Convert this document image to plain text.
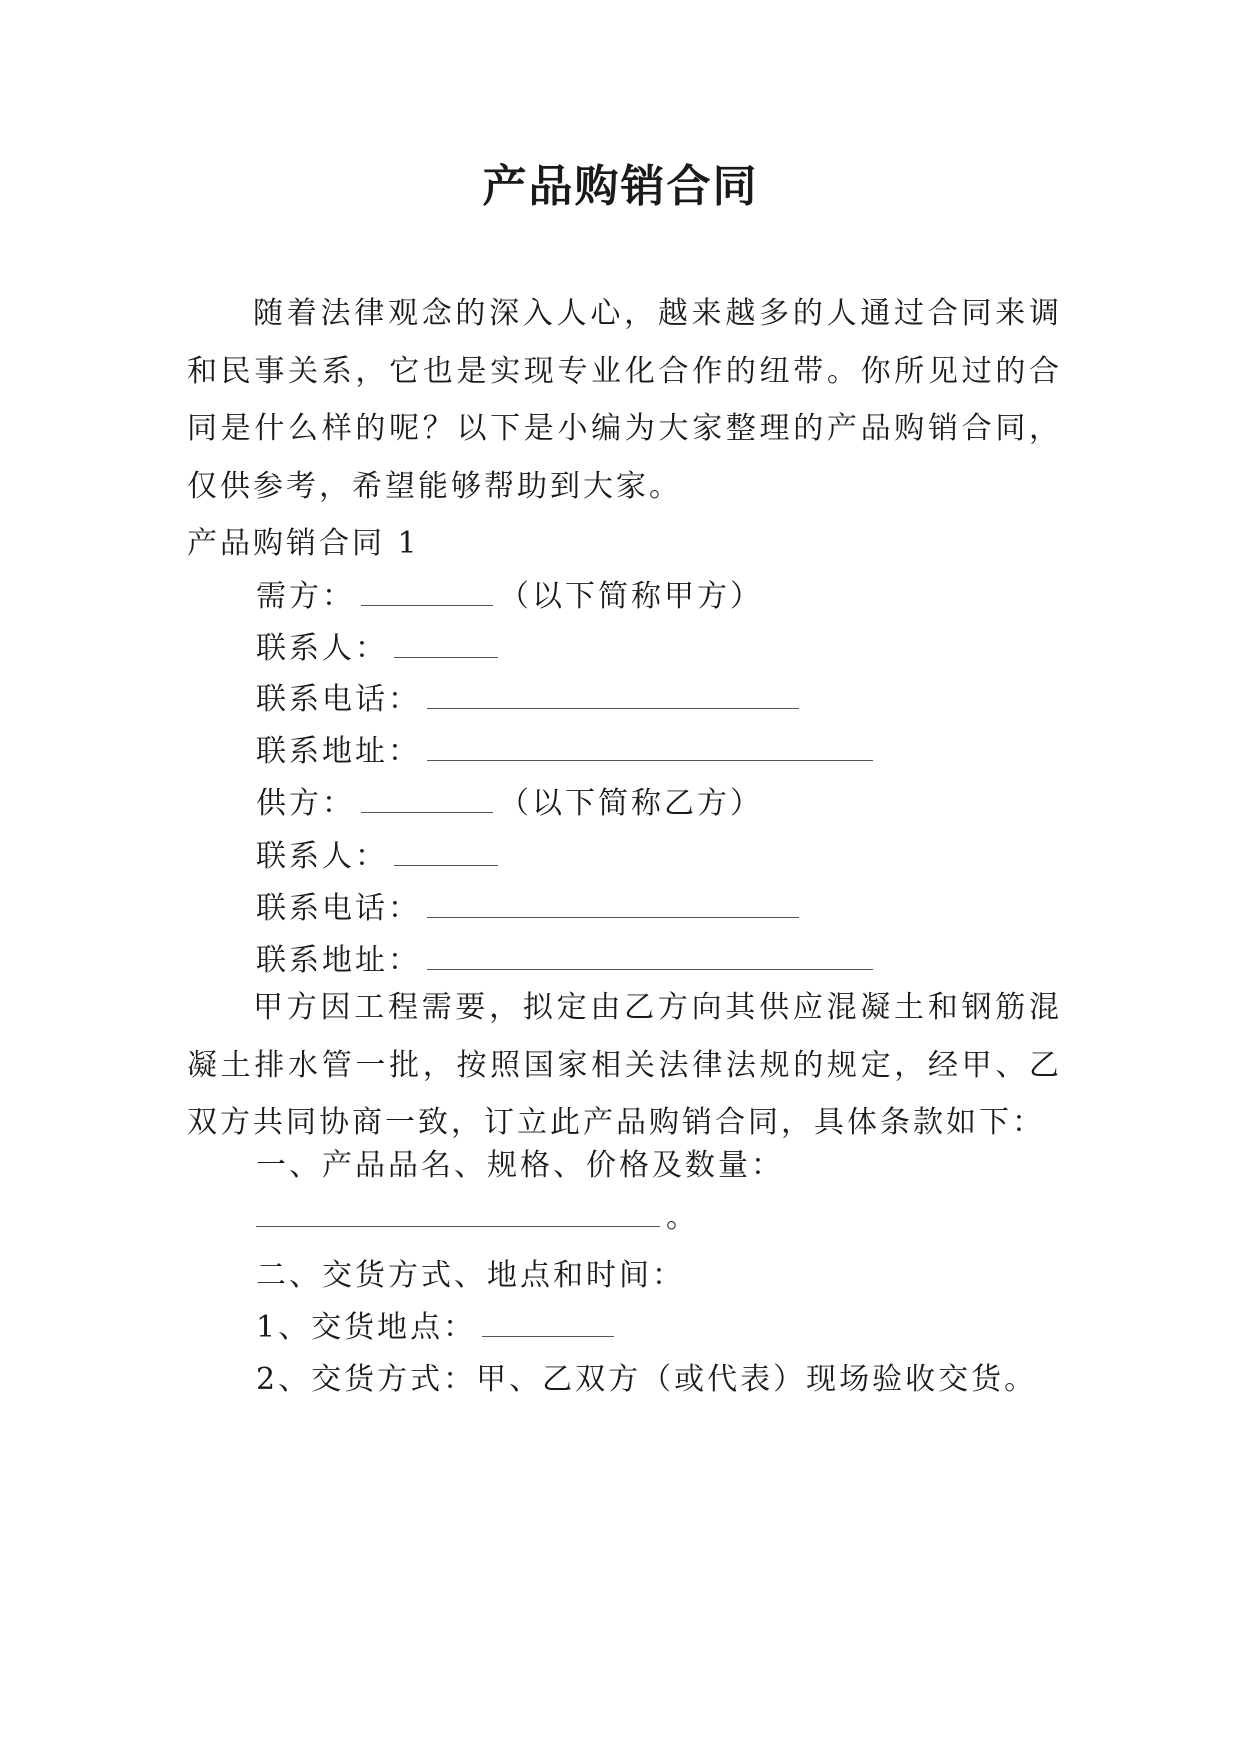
产品购销合同
随着法律观念的深入人心，越来越多的人通过合同来调和民事关系，它也是实现专业化合作的纽带。你所见过的合同是什么样的呢？以下是小编为大家整理的产品购销合同，仅供参考，希望能够帮助到大家。
产品购销合同 1
需方：	（以下简称甲方）
联系人：
联系电话：
联系地址：
供方：	（以下简称乙方）
联系人：
联系电话：
联系地址：
甲方因工程需要，拟定由乙方向其供应混凝土和钢筋混凝土排水管一批，按照国家相关法律法规的规定，经甲、乙双方共同协商一致，订立此产品购销合同，具体条款如下：
一、产品品名、规格、价格及数量：
。
二、交货方式、地点和时间：
1、交货地点：
2、交货方式：甲、乙双方（或代表）现场验收交货。
